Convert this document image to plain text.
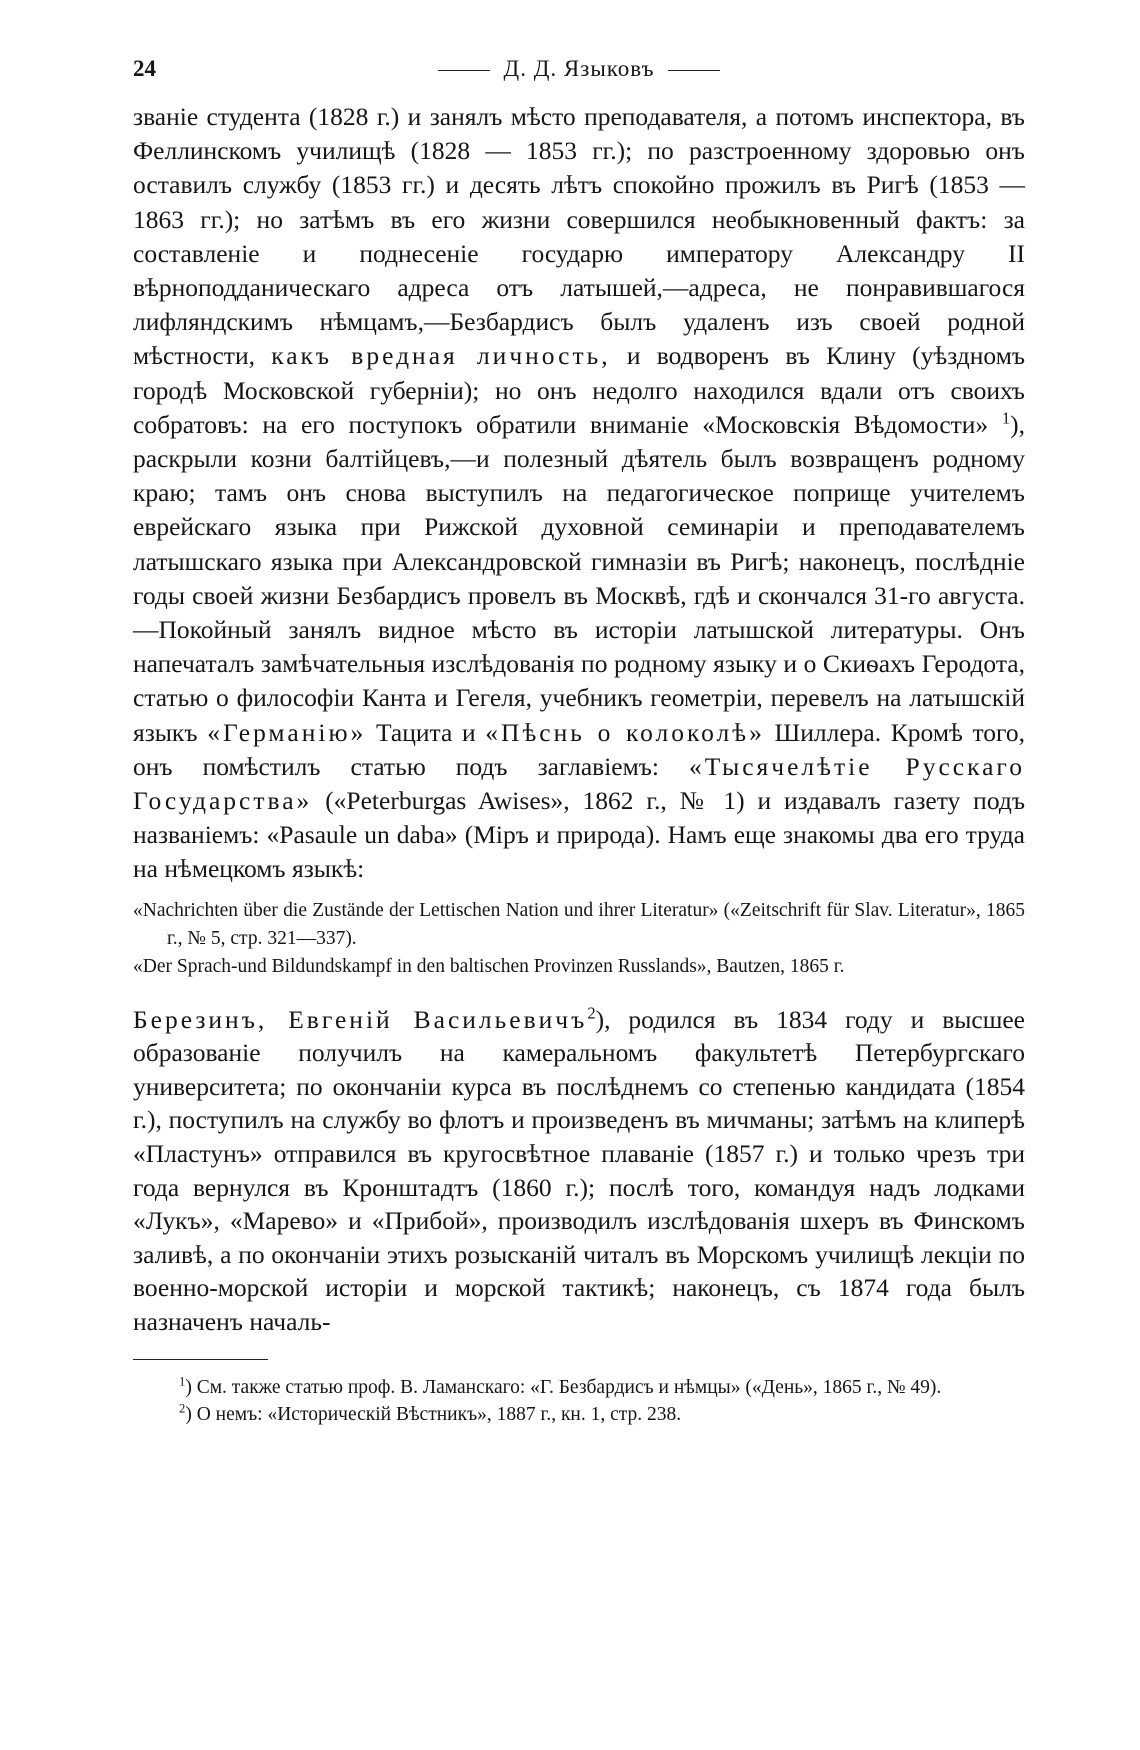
24	Д. Д. Языковъ

званіе студента (1828 г.) и занялъ мѣсто преподавателя, а потомъ инспектора, въ Феллинскомъ училищѣ (1828 — 1853 гг.); по разстроенному здоровью онъ оставилъ службу (1853 гг.) и десять лѣтъ спокойно прожилъ въ Ригѣ (1853 — 1863 гг.); но затѣмъ въ его жизни совершился необыкновенный фактъ: за составленіе и поднесеніе государю императору Александру II вѣрноподданическаго адреса отъ латышей,—адреса, не понравившагося лифляндскимъ нѣмцамъ,—Безбардисъ былъ удаленъ изъ своей родной мѣстности, какъ вредная личность, и водворенъ въ Клину (уѣздномъ городѣ Московской губерніи); но онъ недолго находился вдали отъ своихъ собратовъ: на его поступокъ обратили вниманіе «Московскія Вѣдомости» $^1$), раскрыли козни балтійцевъ,—и полезный дѣятель былъ возвращенъ родному краю; тамъ онъ снова выступилъ на педагогическое поприще учителемъ еврейскаго языка при Рижской духовной семинаріи и преподавателемъ латышскаго языка при Александровской гимназіи въ Ригѣ; наконецъ, послѣдніе годы своей жизни Безбардисъ провелъ въ Москвѣ, гдѣ и скончался 31-го августа.—Покойный занялъ видное мѣсто въ исторіи латышской литературы. Онъ напечаталъ замѣчательныя изслѣдованія по родному языку и о Скиѳахъ Геродота, статью о философіи Канта и Гегеля, учебникъ геометріи, перевелъ на латышскій языкъ «Германію» Тацита и «Пѣснь о колоколѣ» Шиллера. Кромѣ того, онъ помѣстилъ статью подъ заглавіемъ: «Тысячелѣтіе Русскаго Государства» («Peterburgas Awises», 1862 г., № 1) и издавалъ газету подъ названіемъ: «Pasaule un daba» (Міръ и природа). Намъ еще знакомы два его труда на нѣмецкомъ языкѣ:

«Nachrichten über die Zustände der Lettischen Nation und ihrer Literatur» («Zeitschrift für Slav. Literatur», 1865 г., № 5, стр. 321—337).

«Der Sprach-und Bildundskampf in den baltischen Provinzen Russlands», Bautzen, 1865 г.

Березинъ, Евгеній Васильевичъ$^2$), родился въ 1834 году и высшее образованіе получилъ на камеральномъ факультетѣ Петербургскаго университета; по окончаніи курса въ послѣднемъ со степенью кандидата (1854 г.), поступилъ на службу во флотъ и произведенъ въ мичманы; затѣмъ на клиперѣ «Пластунъ» отправился въ кругосвѣтное плаваніе (1857 г.) и только чрезъ три года вернулся въ Кронштадтъ (1860 г.); послѣ того, командуя надъ лодками «Лукъ», «Марево» и «Прибой», производилъ изслѣдованія шхеръ въ Финскомъ заливѣ, а по окончаніи этихъ розысканій читалъ въ Морскомъ училищѣ лекціи по военно-морской исторіи и морской тактикѣ; наконецъ, съ 1874 года былъ назначенъ началь-

$^1$) См. также статью проф. В. Ламанскаго: «Г. Безбардисъ и нѣмцы» («День», 1865 г., № 49).

$^2$) О немъ: «Историческій Вѣстникъ», 1887 г., кн. 1, стр. 238.
